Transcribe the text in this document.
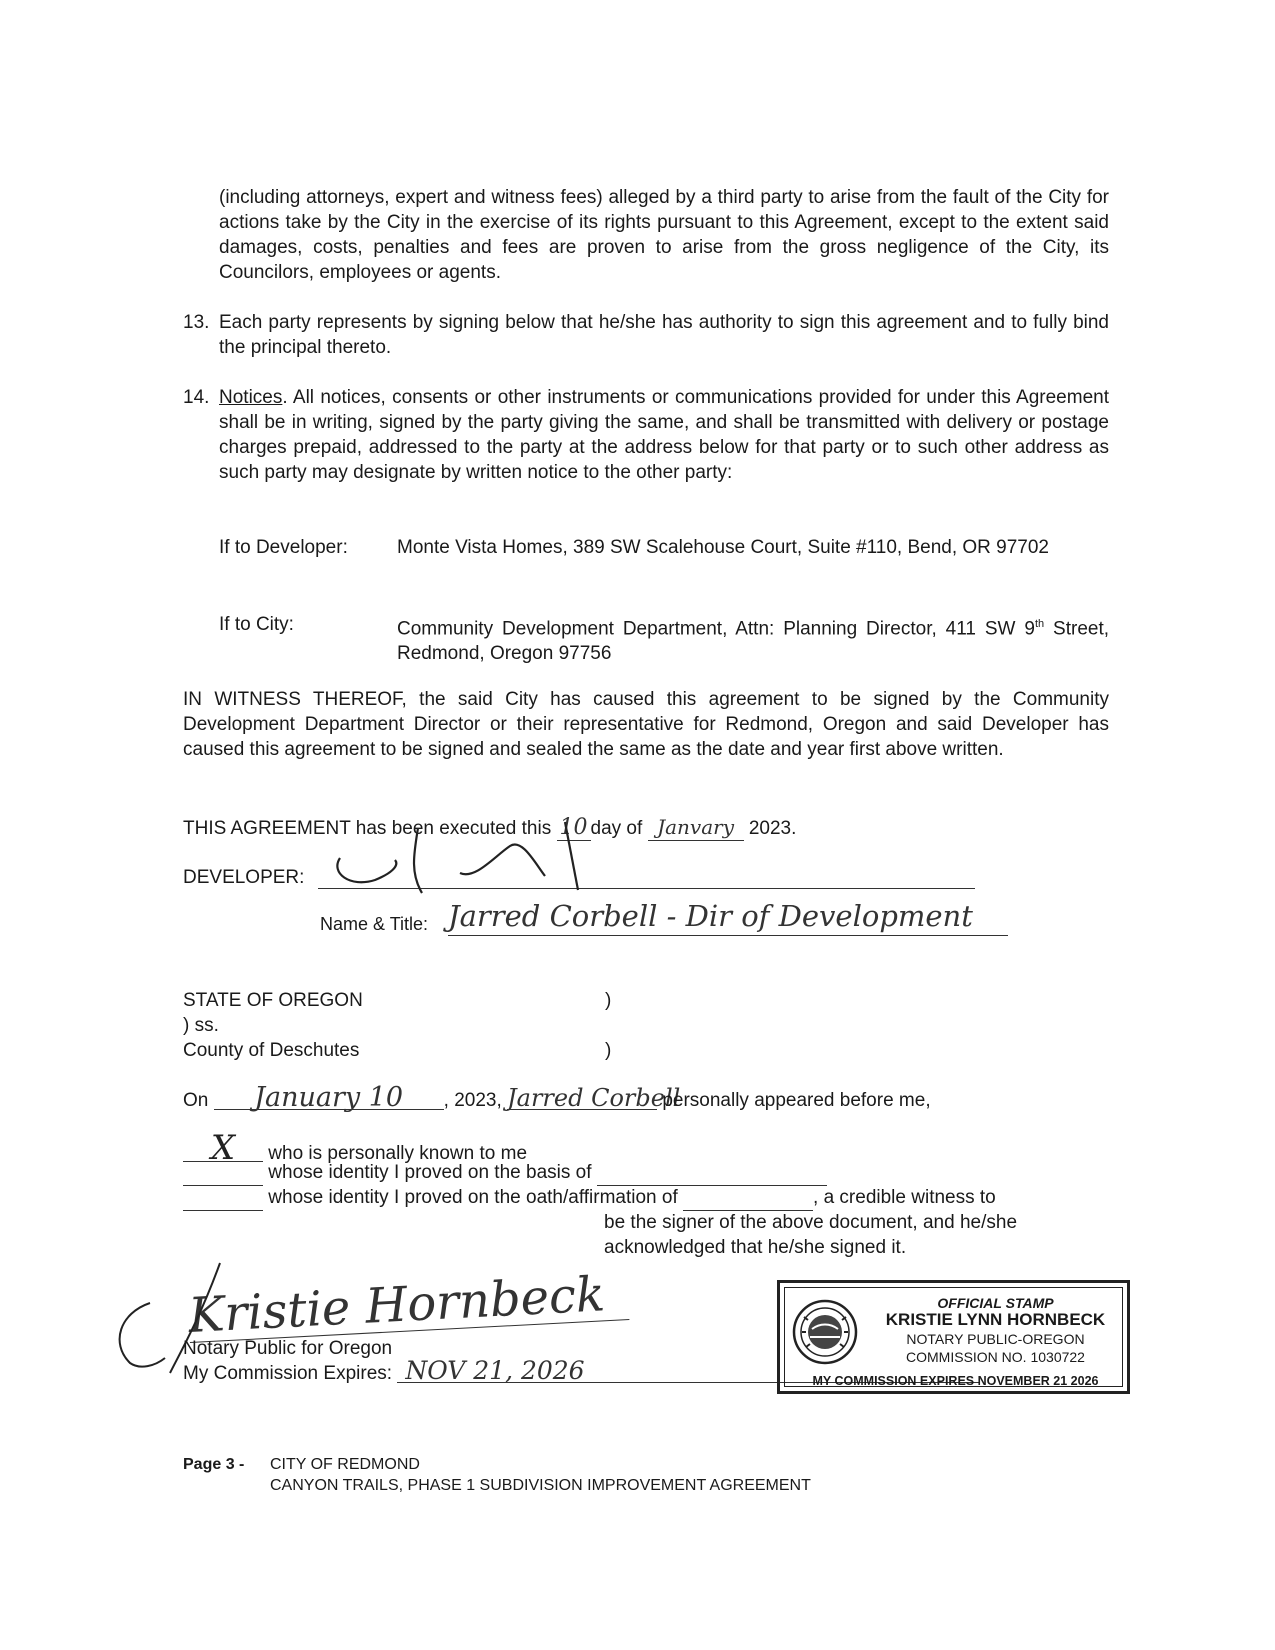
(including attorneys, expert and witness fees) alleged by a third party to arise from the fault of the City for actions take by the City in the exercise of its rights pursuant to this Agreement, except to the extent said damages, costs, penalties and fees are proven to arise from the gross negligence of the City, its Councilors, employees or agents.
13. Each party represents by signing below that he/she has authority to sign this agreement and to fully bind the principal thereto.
14. Notices. All notices, consents or other instruments or communications provided for under this Agreement shall be in writing, signed by the party giving the same, and shall be transmitted with delivery or postage charges prepaid, addressed to the party at the address below for that party or to such other address as such party may designate by written notice to the other party:
If to Developer:	Monte Vista Homes, 389 SW Scalehouse Court, Suite #110, Bend, OR 97702
If to City:	Community Development Department, Attn: Planning Director, 411 SW 9th Street, Redmond, Oregon 97756
IN WITNESS THEREOF, the said City has caused this agreement to be signed by the Community Development Department Director or their representative for Redmond, Oregon and said Developer has caused this agreement to be signed and sealed the same as the date and year first above written.
THIS AGREEMENT has been executed this 10 day of Janvary 2023.
DEVELOPER:
Name & Title: Jarred Corbell - Dir of Development
STATE OF OREGON	)
) ss.
County of Deschutes	)
On January 10 , 2023, Jarred Corbell personally appeared before me,
X who is personally known to me
whose identity I proved on the basis of
whose identity I proved on the oath/affirmation of	, a credible witness to
be the signer of the above document, and he/she
acknowledged that he/she signed it.
Kristie Hornbeck
Notary Public for Oregon
My Commission Expires: NOV 21, 2026
OFFICIAL STAMP
KRISTIE LYNN HORNBECK
NOTARY PUBLIC-OREGON
COMMISSION NO. 1030722
MY COMMISSION EXPIRES NOVEMBER 21 2026
Page 3 - CITY OF REDMOND
CANYON TRAILS, PHASE 1 SUBDIVISION IMPROVEMENT AGREEMENT
